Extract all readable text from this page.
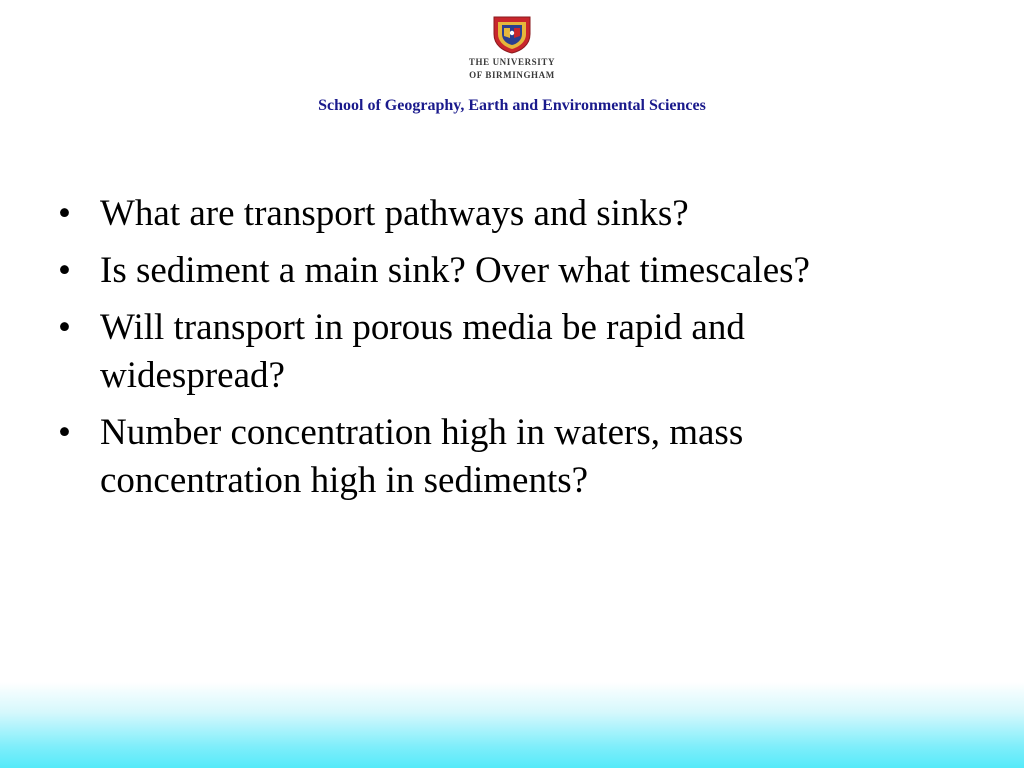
THE UNIVERSITY
OF BIRMINGHAM
School of Geography, Earth and Environmental Sciences
• What are transport pathways and sinks?
• Is sediment a main sink? Over what timescales?
• Will transport in porous media be rapid and widespread?
• Number concentration high in waters, mass concentration high in sediments?
